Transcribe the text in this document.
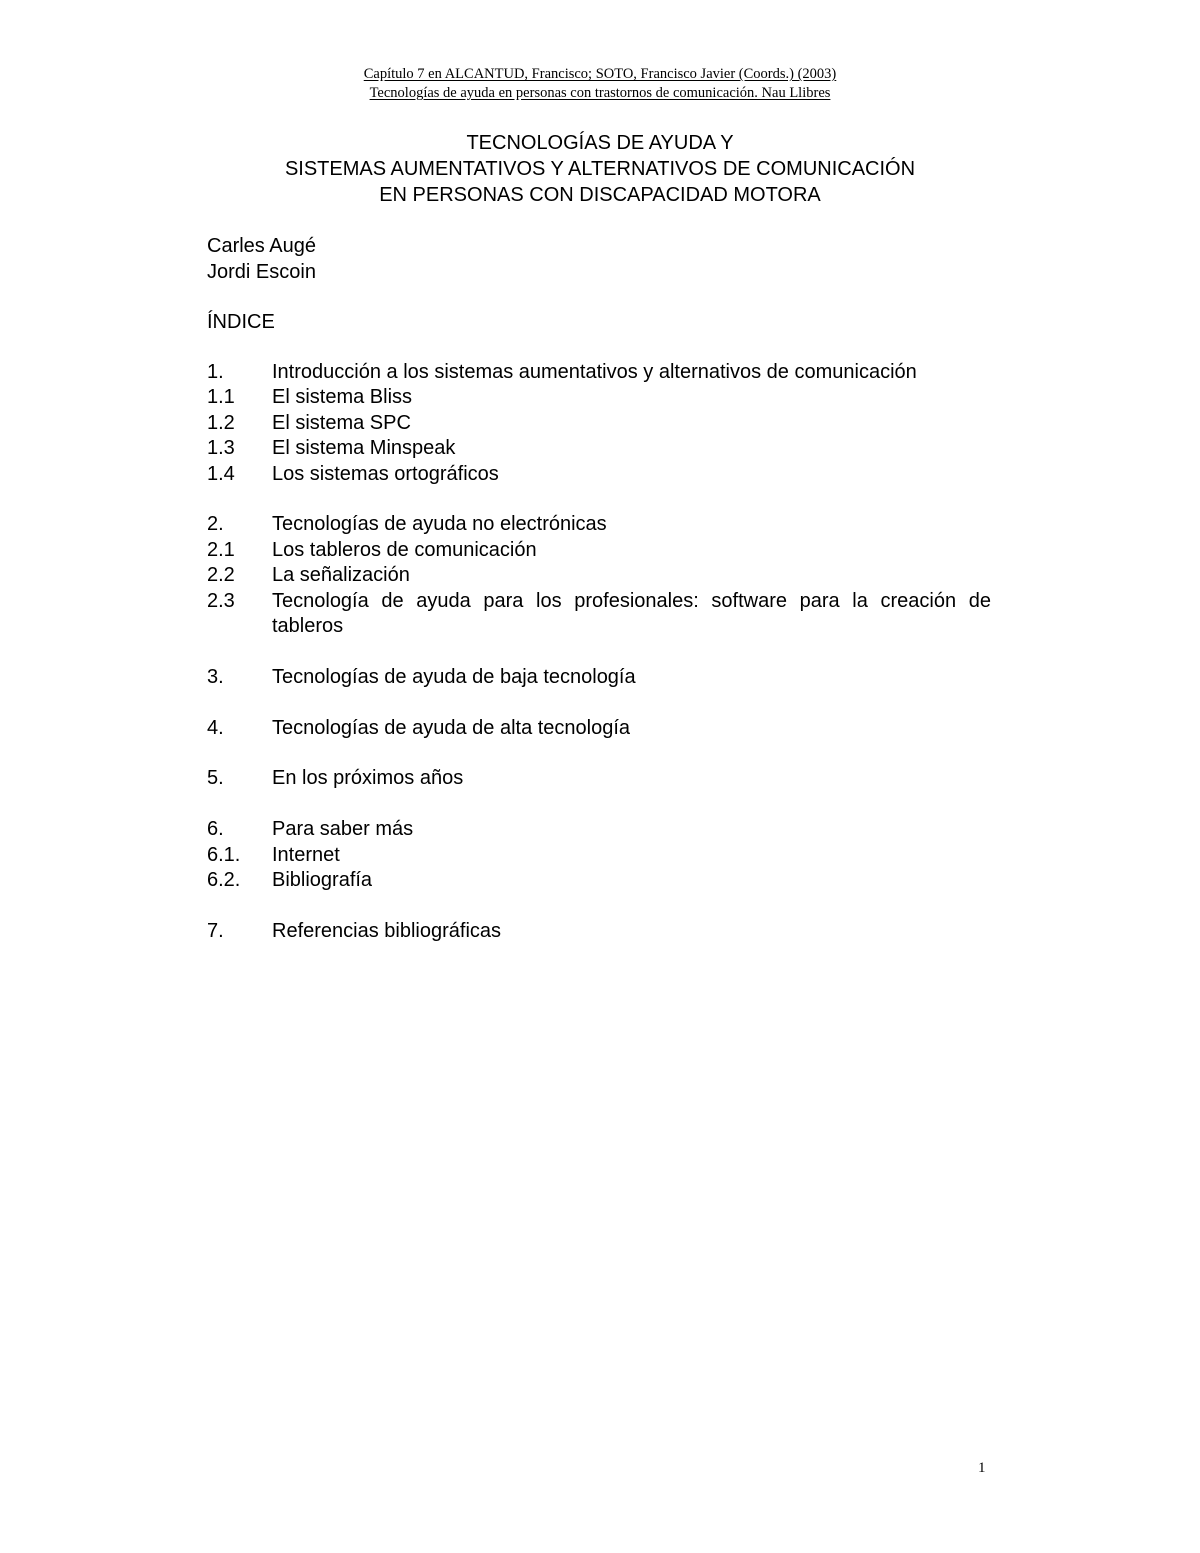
Capítulo 7 en ALCANTUD, Francisco; SOTO, Francisco Javier (Coords.) (2003)
Tecnologías de ayuda en personas con trastornos de comunicación. Nau Llibres
TECNOLOGÍAS DE AYUDA Y
SISTEMAS AUMENTATIVOS Y ALTERNATIVOS DE COMUNICACIÓN
EN PERSONAS CON DISCAPACIDAD MOTORA
Carles Augé
Jordi Escoin
ÍNDICE
1.	Introducción a los sistemas aumentativos y alternativos de comunicación
1.1	El sistema Bliss
1.2	El sistema SPC
1.3	El sistema Minspeak
1.4	Los sistemas ortográficos
2.	Tecnologías de ayuda no electrónicas
2.1	Los tableros de comunicación
2.2	La señalización
2.3	Tecnología de ayuda para los profesionales: software para la creación de tableros
3.	Tecnologías de ayuda de baja tecnología
4.	Tecnologías de ayuda de alta tecnología
5.	En los próximos años
6.	Para saber más
6.1.	Internet
6.2.	Bibliografía
7.	Referencias bibliográficas
1
